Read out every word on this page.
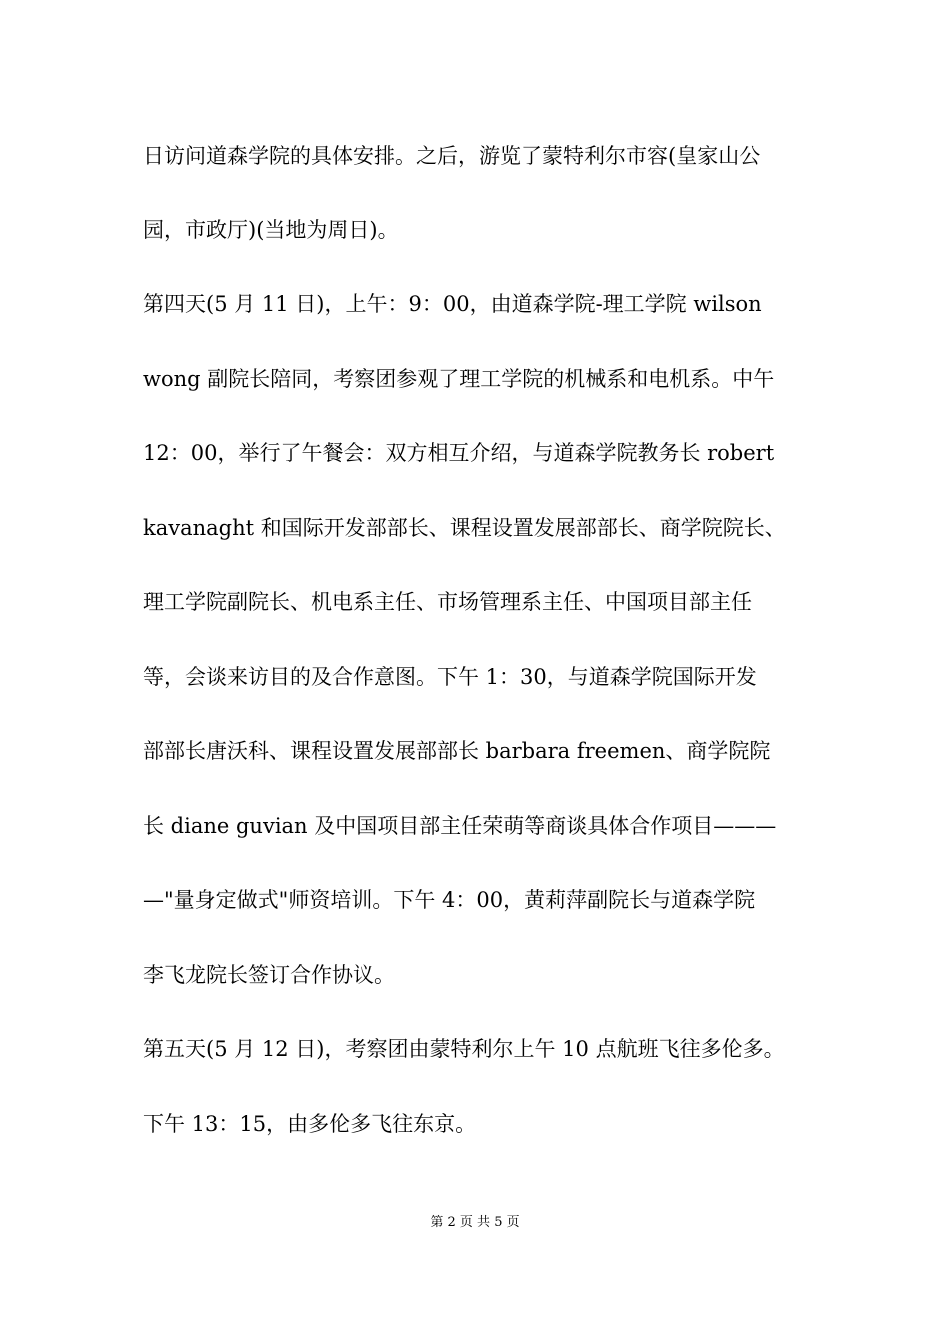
日访问道森学院的具体安排。之后，游览了蒙特利尔市容(皇家山公
园，市政厅)(当地为周日)。
第四天(5 月 11 日)，上午：9：00，由道森学院-理工学院 wilson
wong 副院长陪同，考察团参观了理工学院的机械系和电机系。中午
12：00，举行了午餐会：双方相互介绍，与道森学院教务长 robert
kavanaght 和国际开发部部长、课程设置发展部部长、商学院院长、
理工学院副院长、机电系主任、市场管理系主任、中国项目部主任
等，会谈来访目的及合作意图。下午 1：30，与道森学院国际开发
部部长唐沃科、课程设置发展部部长 barbara freemen、商学院院
长 diane guvian 及中国项目部主任荣萌等商谈具体合作项目———
—"量身定做式"师资培训。下午 4：00，黄莉萍副院长与道森学院
李飞龙院长签订合作协议。
第五天(5 月 12 日)，考察团由蒙特利尔上午 10 点航班飞往多伦多。
下午 13：15，由多伦多飞往东京。
第 2 页 共 5 页
